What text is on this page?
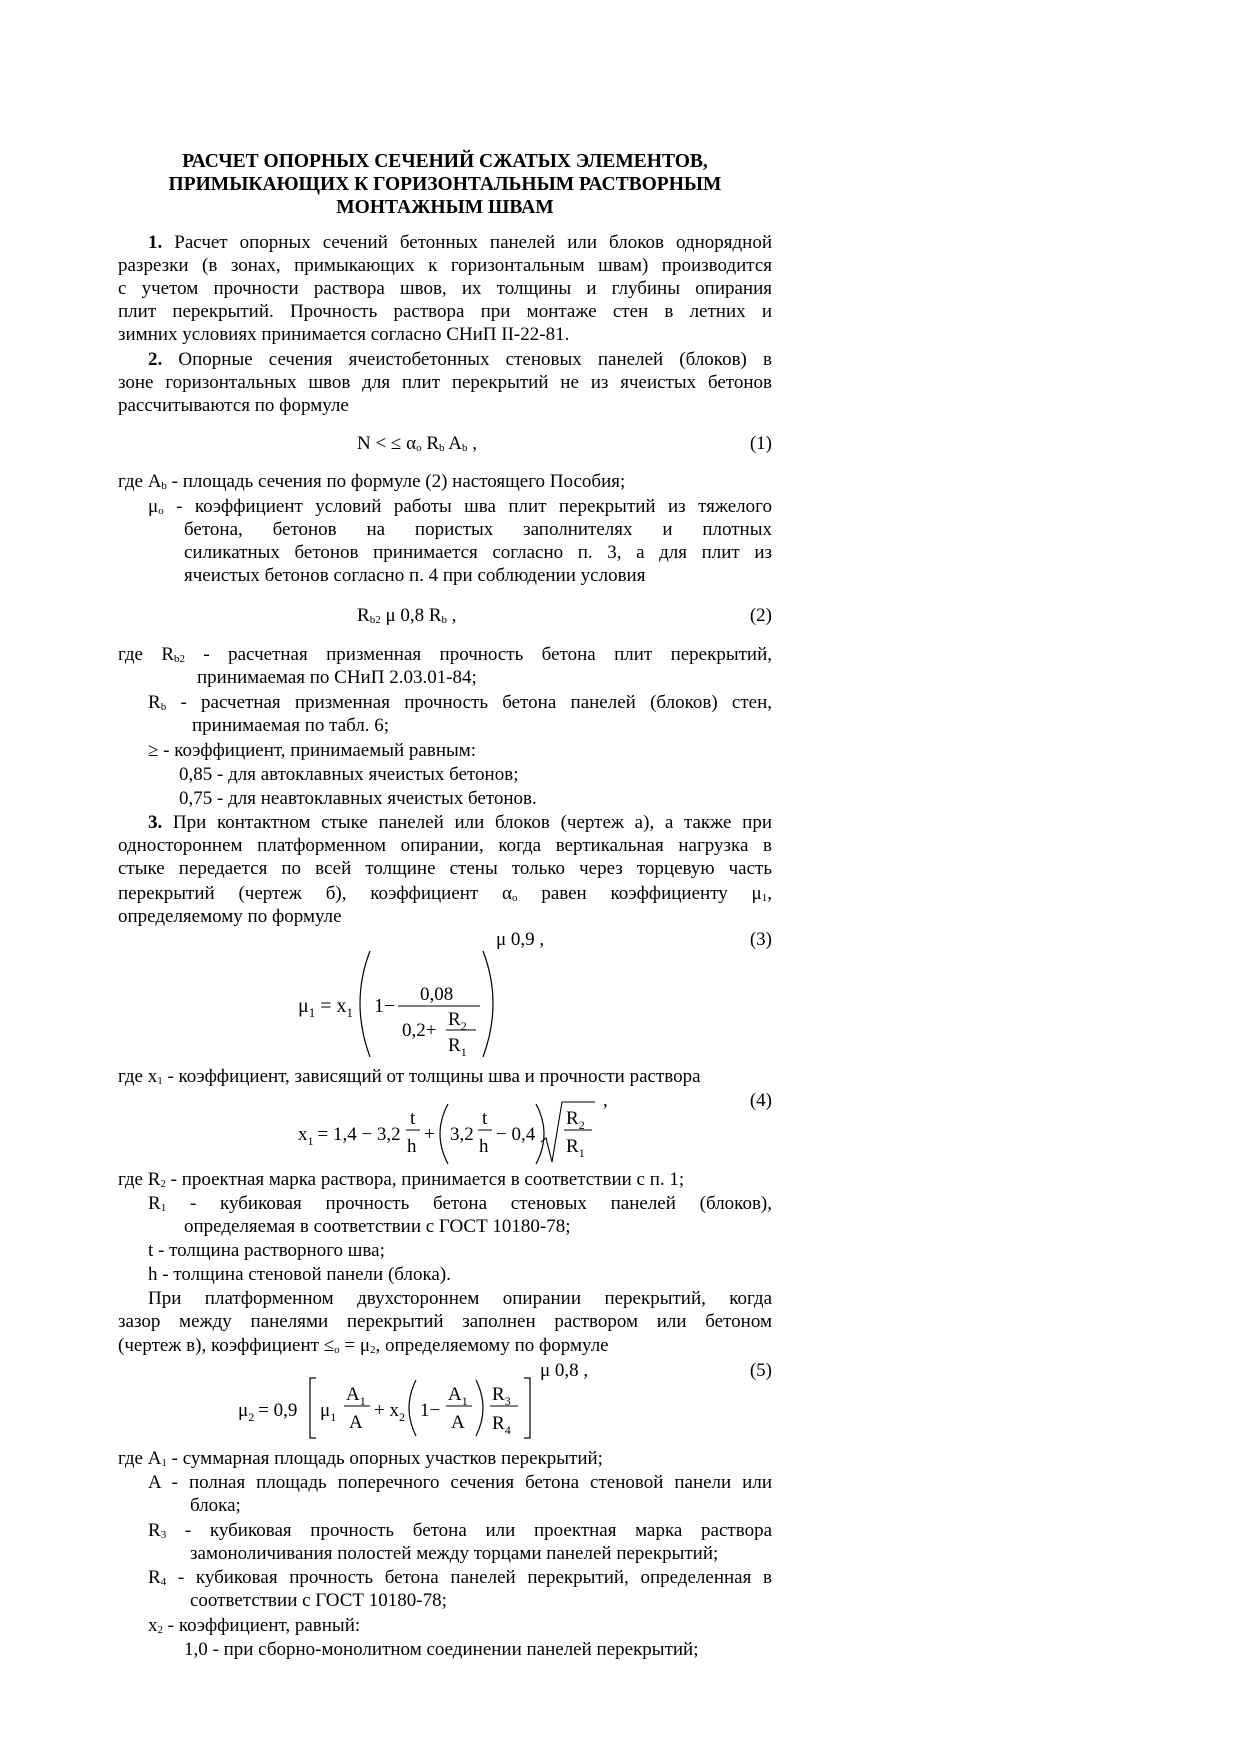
РАСЧЕТ ОПОРНЫХ СЕЧЕНИЙ СЖАТЫХ ЭЛЕМЕНТОВ,
ПРИМЫКАЮЩИХ К ГОРИЗОНТАЛЬНЫМ РАСТВОРНЫМ
МОНТАЖНЫМ ШВАМ
1. Расчет опорных сечений бетонных панелей или блоков однорядной
разрезки (в зонах, примыкающих к горизонтальным швам) производится
с учетом прочности раствора швов, их толщины и глубины опирания
плит перекрытий. Прочность раствора при монтаже стен в летних и
зимних условиях принимается согласно СНиП II-22-81.
2. Опорные сечения ячеистобетонных стеновых панелей (блоков) в
зоне горизонтальных швов для плит перекрытий не из ячеистых бетонов
рассчитываются по формуле
N < ≤ $\alpha_o$ $R_b$ $A_b$ ,	(1)
где $A_b$ - площадь сечения по формуле (2) настоящего Пособия;
$\mu_o$ - коэффициент условий работы шва плит перекрытий из тяжелого
бетона, бетонов на пористых заполнителях и плотных
силикатных бетонов принимается согласно п. 3, а для плит из
ячеистых бетонов согласно п. 4 при соблюдении условия
$R_{b2}$ μ 0,8 $R_b$ ,	(2)
где $R_{b2}$ - расчетная призменная прочность бетона плит перекрытий,
принимаемая по СНиП 2.03.01-84;
$R_b$ - расчетная призменная прочность бетона панелей (блоков) стен,
принимаемая по табл. 6;
≥ - коэффициент, принимаемый равным:
0,85 - для автоклавных ячеистых бетонов;
0,75 - для неавтоклавных ячеистых бетонов.
3. При контактном стыке панелей или блоков (чертеж а), а также при
одностороннем платформенном опирании, когда вертикальная нагрузка в
стыке передается по всей толщине стены только через торцевую часть
перекрытий (чертеж б), коэффициент $\alpha_o$ равен коэффициенту $\mu_1$,
определяемому по формуле
μ 0,9 ,	(3)
$\mu_1 = x_1$ 1−
0,08
0,2+
$R_2$
$R_1$
где $x_1$ - коэффициент, зависящий от толщины шва и прочности раствора
,	(4)
$x_1 = 1,4 - 3,2$
t
h
+ 3,2
t
h
− 0,4
$R_2$
$R_1$
где $R_2$ - проектная марка раствора, принимается в соответствии с п. 1;
$R_1$ - кубиковая прочность бетона стеновых панелей (блоков),
определяемая в соответствии с ГОСТ 10180-78;
t - толщина растворного шва;
h - толщина стеновой панели (блока).
При платформенном двухстороннем опирании перекрытий, когда
зазор между панелями перекрытий заполнен раствором или бетоном
(чертеж в), коэффициент $\le_o = \mu_2$, определяемому по формуле
μ 0,8 ,	(5)
$\mu_2 = 0,9$ $\mu_1$
$A_1$
A
+ $x_2$ 1−
$A_1$
A
$R_3$
$R_4$
где $A_1$ - суммарная площадь опорных участков перекрытий;
A - полная площадь поперечного сечения бетона стеновой панели или
блока;
$R_3$ - кубиковая прочность бетона или проектная марка раствора
замоноличивания полостей между торцами панелей перекрытий;
$R_4$ - кубиковая прочность бетона панелей перекрытий, определенная в
соответствии с ГОСТ 10180-78;
$x_2$ - коэффициент, равный:
1,0 - при сборно-монолитном соединении панелей перекрытий;
